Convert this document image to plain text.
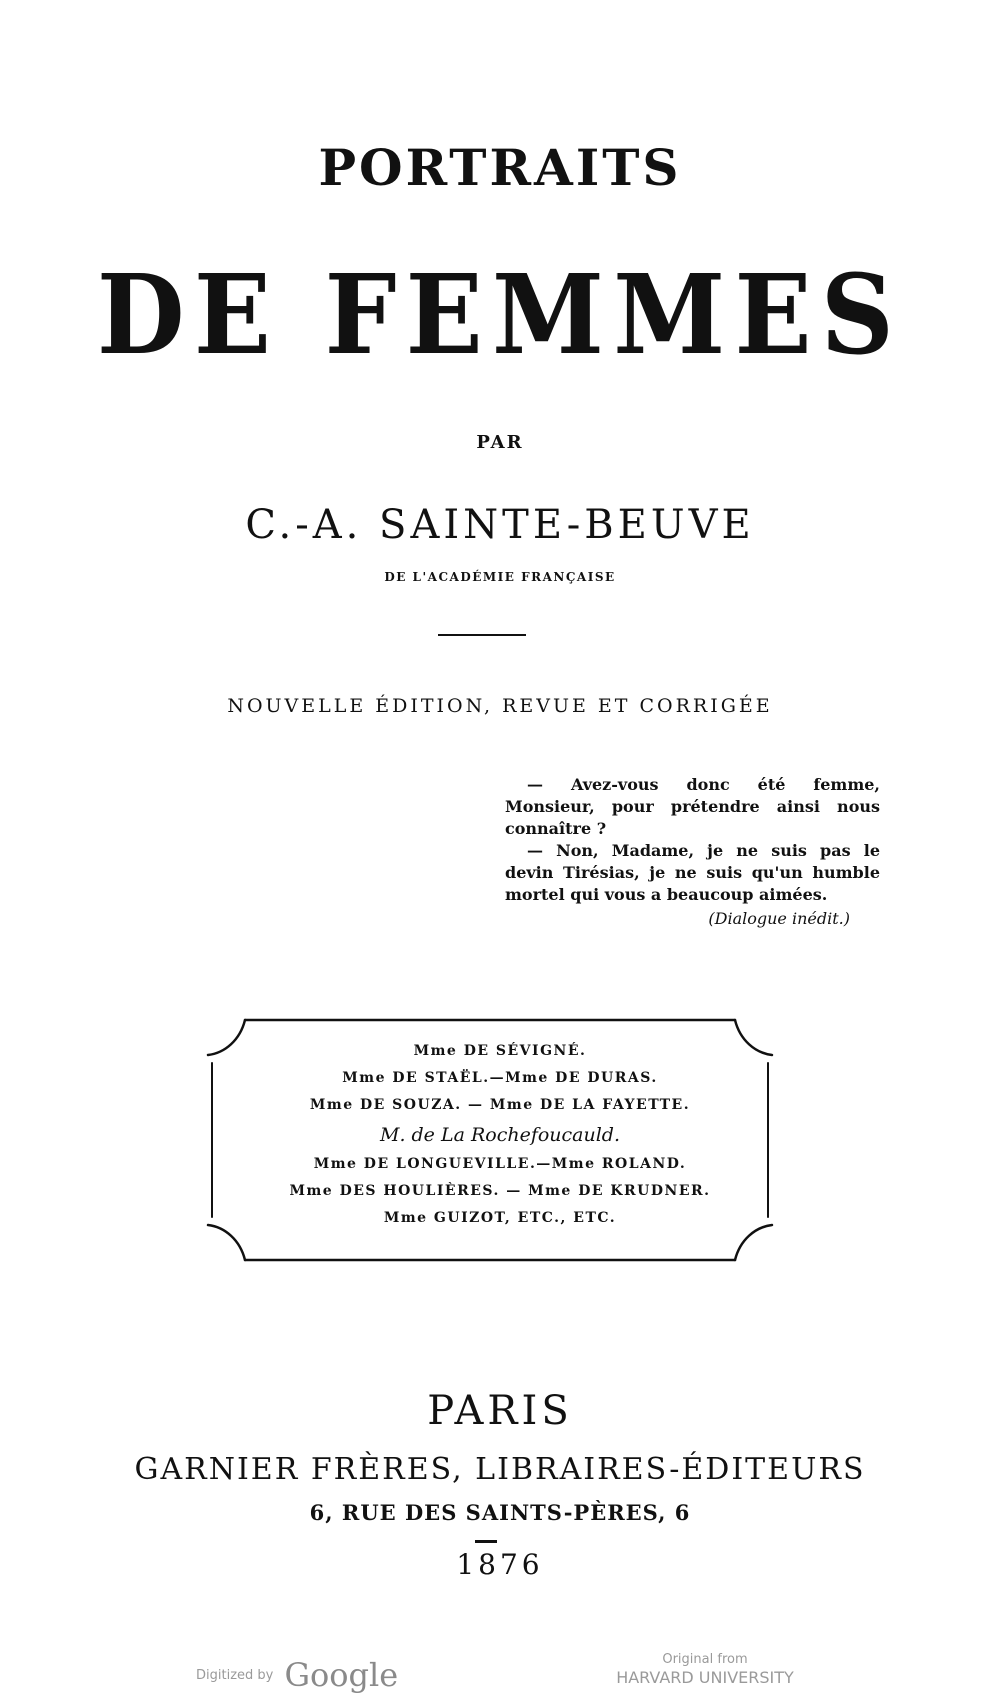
PORTRAITS
DE FEMMES
PAR
C.-A. SAINTE-BEUVE
DE L'ACADÉMIE FRANÇAISE
NOUVELLE ÉDITION, REVUE ET CORRIGÉE

— Avez-vous donc été femme, Monsieur, pour prétendre ainsi nous connaître ?

— Non, Madame, je ne suis pas le devin Tirésias, je ne suis qu'un humble mortel qui vous a beaucoup aimées.

(Dialogue inédit.)

Mme DE SÉVIGNÉ.
Mme DE STAËL.—Mme DE DURAS.
Mme DE SOUZA. — Mme DE LA FAYETTE.
M. de La Rochefoucauld.
Mme DE LONGUEVILLE.—Mme ROLAND.
Mme DES HOULIÈRES. — Mme DE KRUDNER.
Mme GUIZOT, ETC., ETC.
PARIS
GARNIER FRÈRES, LIBRAIRES-ÉDITEURS
6, RUE DES SAINTS-PÈRES, 6
1876
Digitized by Google	Original from
HARVARD UNIVERSITY
